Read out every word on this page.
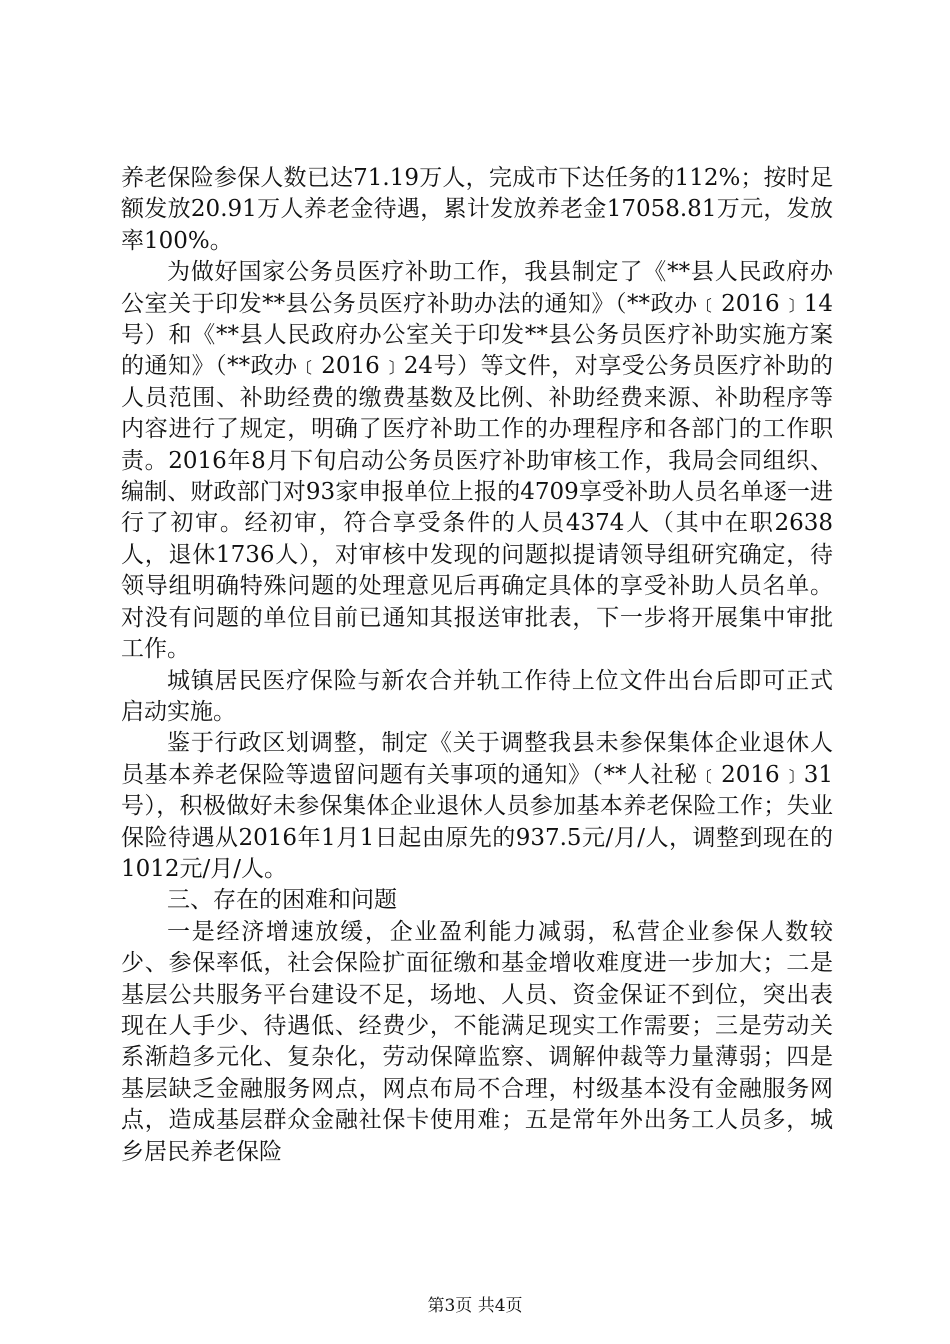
养老保险参保人数已达71.19万人，完成市下达任务的112%；按时足额发放20.91万人养老金待遇，累计发放养老金17058.81万元，发放率100%。

为做好国家公务员医疗补助工作，我县制定了《**县人民政府办公室关于印发**县公务员医疗补助办法的通知》（**政办﹝2016﹞14号）和《**县人民政府办公室关于印发**县公务员医疗补助实施方案的通知》（**政办﹝2016﹞24号）等文件，对享受公务员医疗补助的人员范围、补助经费的缴费基数及比例、补助经费来源、补助程序等内容进行了规定，明确了医疗补助工作的办理程序和各部门的工作职责。2016年8月下旬启动公务员医疗补助审核工作，我局会同组织、编制、财政部门对93家申报单位上报的4709享受补助人员名单逐一进行了初审。经初审，符合享受条件的人员4374人（其中在职2638人，退休1736人），对审核中发现的问题拟提请领导组研究确定，待领导组明确特殊问题的处理意见后再确定具体的享受补助人员名单。对没有问题的单位目前已通知其报送审批表，下一步将开展集中审批工作。

城镇居民医疗保险与新农合并轨工作待上位文件出台后即可正式启动实施。

鉴于行政区划调整，制定《关于调整我县未参保集体企业退休人员基本养老保险等遗留问题有关事项的通知》（**人社秘﹝2016﹞31号），积极做好未参保集体企业退休人员参加基本养老保险工作；失业保险待遇从2016年1月1日起由原先的937.5元/月/人，调整到现在的1012元/月/人。

三、存在的困难和问题

一是经济增速放缓，企业盈利能力减弱，私营企业参保人数较少、参保率低，社会保险扩面征缴和基金增收难度进一步加大；二是基层公共服务平台建设不足，场地、人员、资金保证不到位，突出表现在人手少、待遇低、经费少，不能满足现实工作需要；三是劳动关系渐趋多元化、复杂化，劳动保障监察、调解仲裁等力量薄弱；四是基层缺乏金融服务网点，网点布局不合理，村级基本没有金融服务网点，造成基层群众金融社保卡使用难；五是常年外出务工人员多，城乡居民养老保险

第3页 共4页
